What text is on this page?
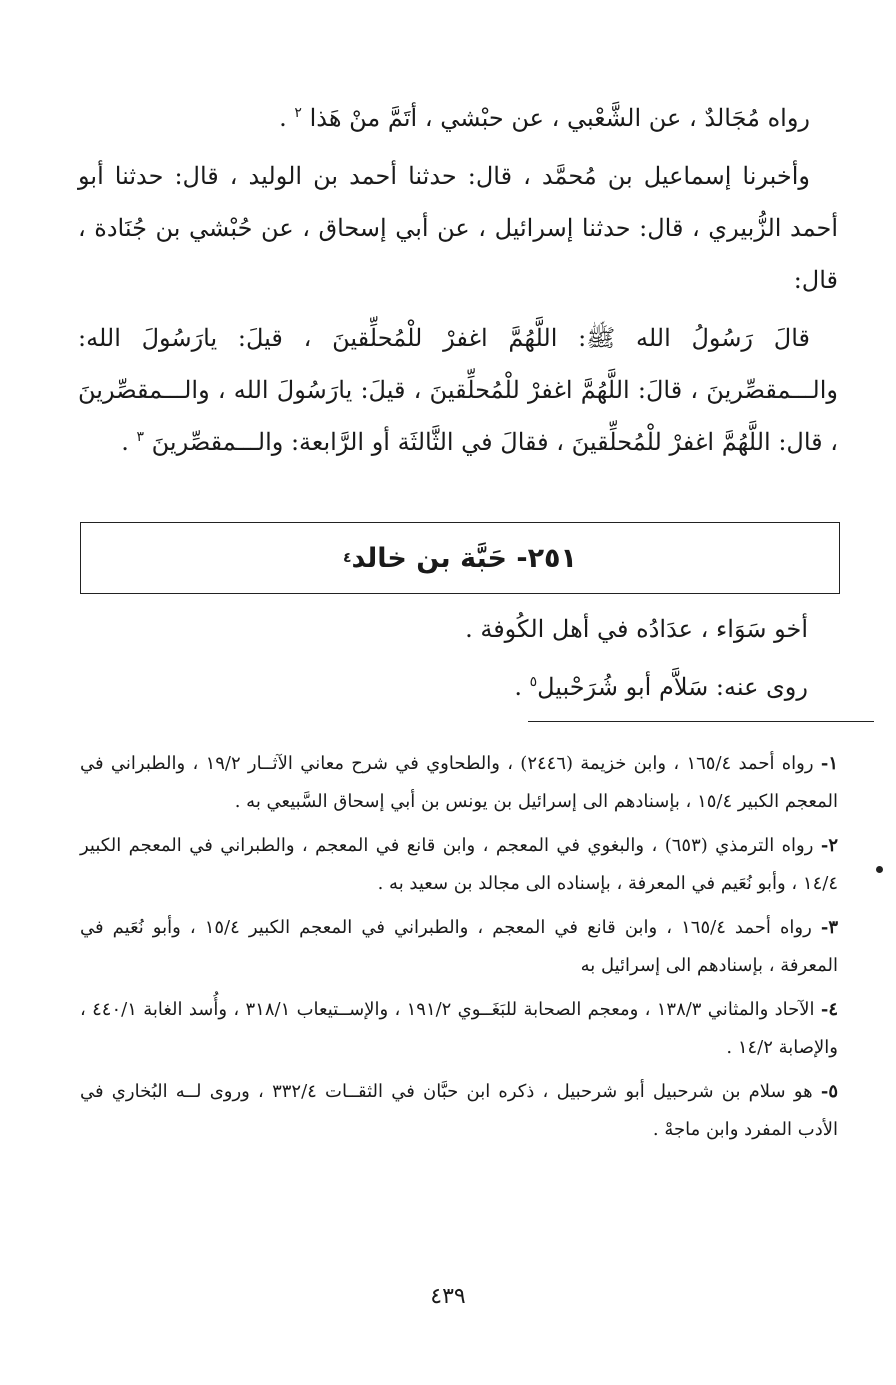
رواه مُجَالدٌ ، عن الشَّعْبي ، عن حبْشي ، أتَمَّ منْ هَذا $^٢$ .

وأخبرنا إسماعيل بن مُحمَّد ، قال: حدثنا أحمد بن الوليد ، قال: حدثنا أبو أحمد الزُّبيري ، قال: حدثنا إسرائيل ، عن أبي إسحاق ، عن حُبْشي بن جُنَادة ، قال:

قالَ رَسُولُ الله ﷺ: اللَّهُمَّ اغفرْ للْمُحلِّقينَ ، قيلَ: يارَسُولَ الله: والـــمقصِّرينَ ، قالَ: اللَّهُمَّ اغفرْ للْمُحلِّقينَ ، قيلَ: يارَسُولَ الله ، والـــمقصِّرينَ ، قال: اللَّهُمَّ اغفرْ للْمُحلِّقينَ ، فقالَ في الثَّالثَة أو الرَّابعة: والـــمقصِّرينَ $^٣$ .

٢٥١- حَبَّة بن خالد
٤

أخو سَوَاء ، عدَادُه في أهل الكُوفة .

روى عنه: سَلاَّم أبو شُرَحْبيل$^٥$ .

١- رواه أحمد ١٦٥/٤ ، وابن خزيمة (٢٤٤٦) ، والطحاوي في شرح معاني الآثــار ١٩/٢ ، والطبراني في المعجم الكبير ١٥/٤ ، بإسنادهم الى إسرائيل بن يونس بن أبي إسحاق السَّبيعي به .

٢- رواه الترمذي (٦٥٣) ، والبغوي في المعجم ، وابن قانع في المعجم ، والطبراني في المعجم الكبير ١٤/٤ ، وأبو نُعَيم في المعرفة ، بإسناده الى مجالد بن سعيد به .

٣- رواه أحمد ١٦٥/٤ ، وابن قانع في المعجم ، والطبراني في المعجم الكبير ١٥/٤ ، وأبو نُعَيم في المعرفة ، بإسنادهم الى إسرائيل به

٤- الآحاد والمثاني ١٣٨/٣ ، ومعجم الصحابة للبَغَــوي ١٩١/٢ ، والإســتيعاب ٣١٨/١ ، وأُسد الغابة ٤٤٠/١ ، والإصابة ١٤/٢ .

٥- هو سلام بن شرحبيل أبو شرحبيل ، ذكره ابن حبَّان في الثقــات ٣٣٢/٤ ، وروى لــه البُخاري في الأدب المفرد وابن ماجهْ .

٤٣٩
